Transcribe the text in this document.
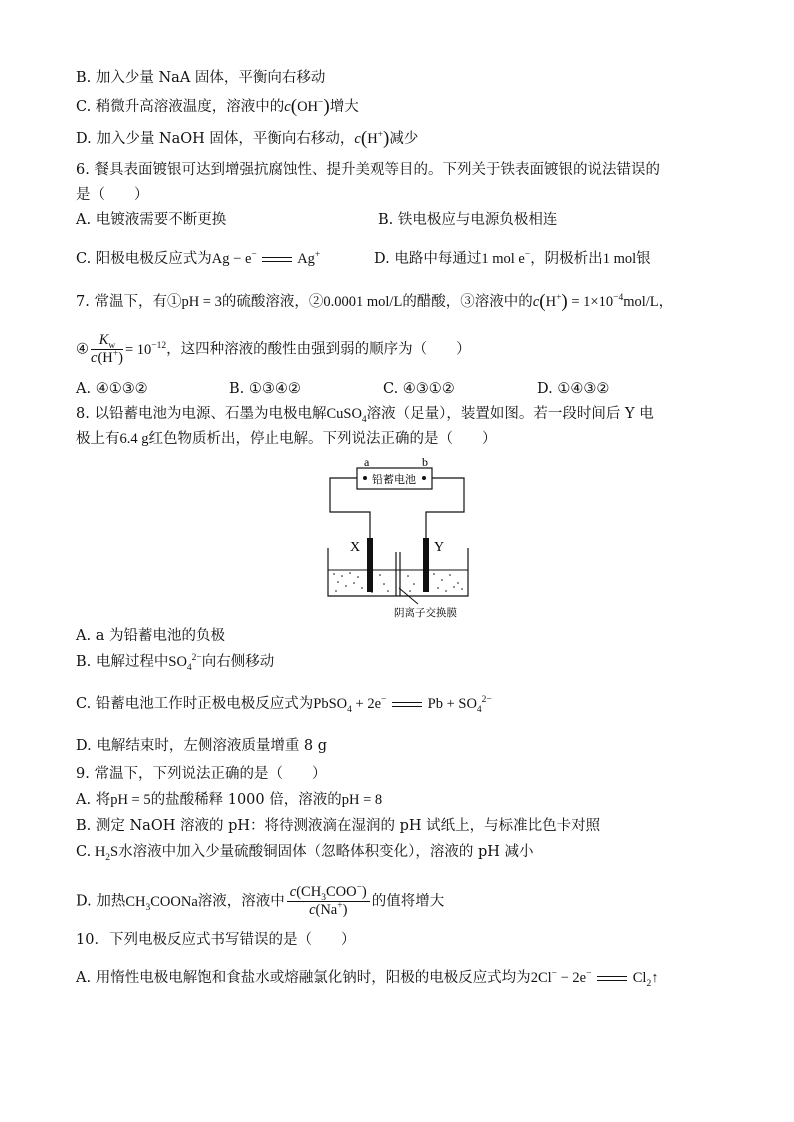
B. 加入少量 NaA 固体，平衡向右移动
C. 稍微升高溶液温度，溶液中的c(OH−)增大
D. 加入少量 NaOH 固体，平衡向右移动，c(H+)减少
6. 餐具表面镀银可达到增强抗腐蚀性、提升美观等目的。下列关于铁表面镀银的说法错误的
是（　　）
A. 电镀液需要不断更换	B. 铁电极应与电源负极相连
C. 阳极电极反应式为Ag − e−	Ag+	D. 电路中每通过1 mol e−，阴极析出1 mol银
7. 常温下，有①pH = 3的硫酸溶液，②0.0001 mol/L的醋酸，③溶液中的$c(H^+) = 1\times 10^{-4}mol/L$，
④ $\frac{K_w}{c(H^+)} = 10^{-12}$，这四种溶液的酸性由强到弱的顺序为（　　）
A. ④①③②	B. ①③④②	C. ④③①②	D. ①④③②
8. 以铅蓄电池为电源、石墨为电极电解CuSO$_4$溶液（足量），装置如图。若一段时间后 Y 电
极上有6.4 g红色物质析出，停止电解。下列说法正确的是（　　）
铅蓄电池
a	b
X	Y
阴离子交换膜
A. a 为铅蓄电池的负极
B. 电解过程中$SO_4^{2-}$向右侧移动
C. 铅蓄电池工作时正极电极反应式为PbSO$_4$ + 2e−	$Pb + SO_4^{2-}$
D. 电解结束时，左侧溶液质量增重 8 g
9. 常温下，下列说法正确的是（　　）
A. 将pH = 5的盐酸稀释 1000 倍，溶液的pH = 8
B. 测定 NaOH 溶液的 pH：将待测液滴在湿润的 pH 试纸上，与标准比色卡对照
C. $H_2S$水溶液中加入少量硫酸铜固体（忽略体积变化），溶液的 pH 减小
D. 加热$CH_3COONa$溶液，溶液中 $\frac{c(CH_3COO^-)}{c(Na^+)}$ 的值将增大
10．下列电极反应式书写错误的是（　　）
A. 用惰性电极电解饱和食盐水或熔融氯化钠时，阳极的电极反应式均为2Cl− − 2e−	$Cl_2↑$
